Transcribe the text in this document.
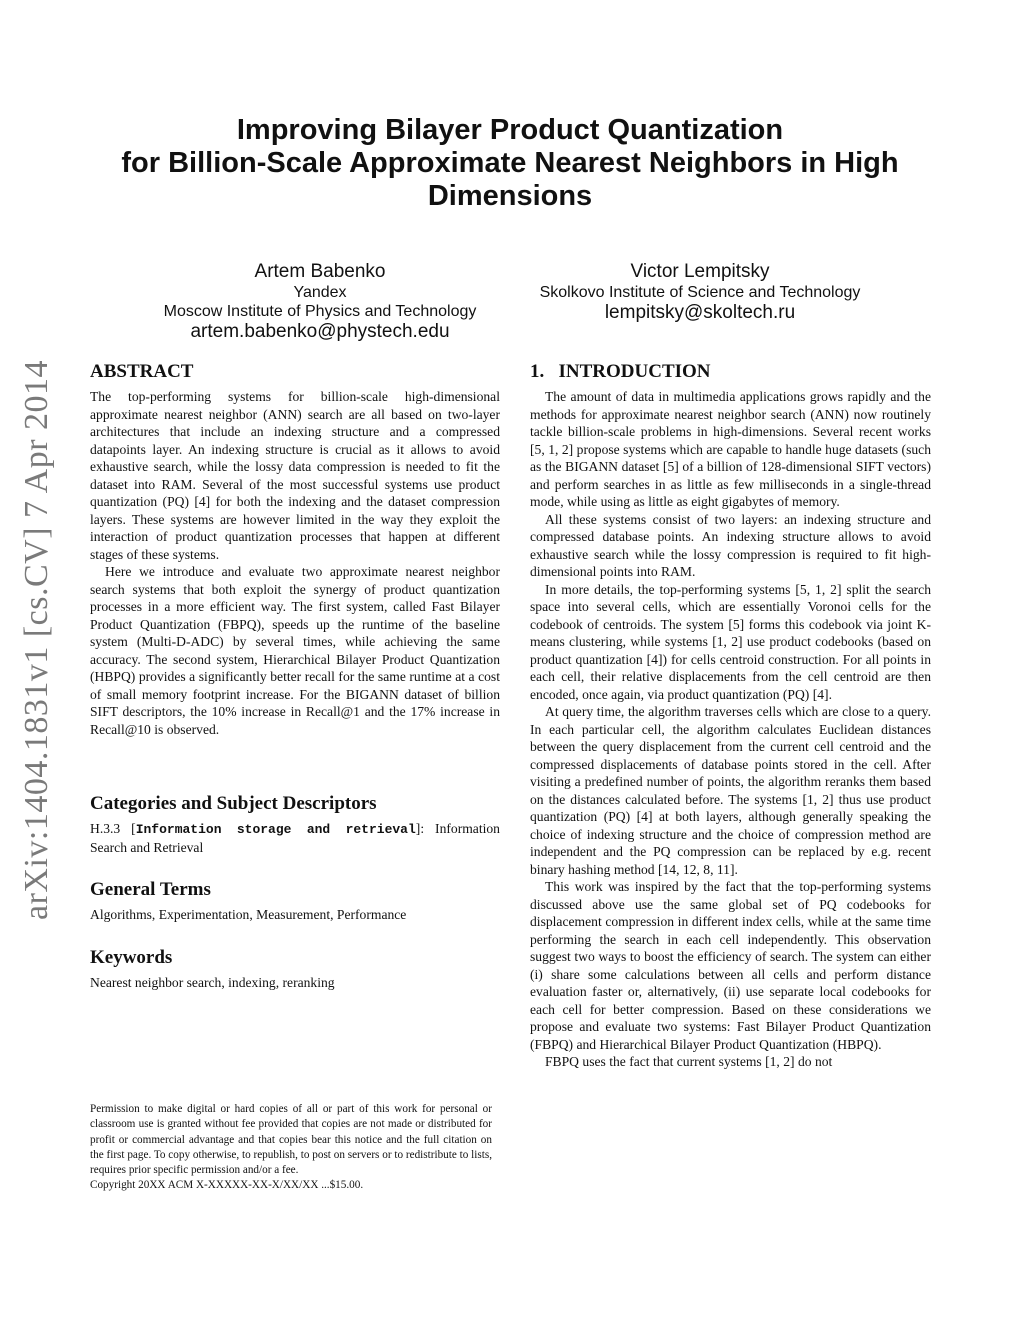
arXiv:1404.1831v1 [cs.CV] 7 Apr 2014
Improving Bilayer Product Quantization
for Billion-Scale Approximate Nearest Neighbors in High
Dimensions
Artem Babenko
Yandex
Moscow Institute of Physics and Technology
artem.babenko@phystech.edu
Victor Lempitsky
Skolkovo Institute of Science and Technology
lempitsky@skoltech.ru
ABSTRACT

The top-performing systems for billion-scale high-dimensional approximate nearest neighbor (ANN) search are all based on two-layer architectures that include an indexing structure and a compressed datapoints layer. An indexing structure is crucial as it allows to avoid exhaustive search, while the lossy data compression is needed to fit the dataset into RAM. Several of the most successful systems use product quantization (PQ) [4] for both the indexing and the dataset compression layers. These systems are however limited in the way they exploit the interaction of product quantization processes that happen at different stages of these systems.

Here we introduce and evaluate two approximate nearest neighbor search systems that both exploit the synergy of product quantization processes in a more efficient way. The first system, called Fast Bilayer Product Quantization (FBPQ), speeds up the runtime of the baseline system (Multi-D-ADC) by several times, while achieving the same accuracy. The second system, Hierarchical Bilayer Product Quantization (HBPQ) provides a significantly better recall for the same runtime at a cost of small memory footprint increase. For the BIGANN dataset of billion SIFT descriptors, the 10% increase in Recall@1 and the 17% increase in Recall@10 is observed.

Categories and Subject Descriptors

H.3.3 [Information storage and retrieval]: Information Search and Retrieval

General Terms

Algorithms, Experimentation, Measurement, Performance

Keywords

Nearest neighbor search, indexing, reranking

Permission to make digital or hard copies of all or part of this work for personal or classroom use is granted without fee provided that copies are not made or distributed for profit or commercial advantage and that copies bear this notice and the full citation on the first page. To copy otherwise, to republish, to post on servers or to redistribute to lists, requires prior specific permission and/or a fee.
Copyright 20XX ACM X-XXXXX-XX-X/XX/XX ...$15.00.
1.   INTRODUCTION

The amount of data in multimedia applications grows rapidly and the methods for approximate nearest neighbor search (ANN) now routinely tackle billion-scale problems in high-dimensions. Several recent works [5, 1, 2] propose systems which are capable to handle huge datasets (such as the BIGANN dataset [5] of a billion of 128-dimensional SIFT vectors) and perform searches in as little as few milliseconds in a single-thread mode, while using as little as eight gigabytes of memory.

All these systems consist of two layers: an indexing structure and compressed database points. An indexing structure allows to avoid exhaustive search while the lossy compression is required to fit high-dimensional points into RAM.

In more details, the top-performing systems [5, 1, 2] split the search space into several cells, which are essentially Voronoi cells for the codebook of centroids. The system [5] forms this codebook via joint K-means clustering, while systems [1, 2] use product codebooks (based on product quantization [4]) for cells centroid construction. For all points in each cell, their relative displacements from the cell centroid are then encoded, once again, via product quantization (PQ) [4].

At query time, the algorithm traverses cells which are close to a query. In each particular cell, the algorithm calculates Euclidean distances between the query displacement from the current cell centroid and the compressed displacements of database points stored in the cell. After visiting a predefined number of points, the algorithm reranks them based on the distances calculated before. The systems [1, 2] thus use product quantization (PQ) [4] at both layers, although generally speaking the choice of indexing structure and the choice of compression method are independent and the PQ compression can be replaced by e.g. recent binary hashing method [14, 12, 8, 11].

This work was inspired by the fact that the top-performing systems discussed above use the same global set of PQ codebooks for displacement compression in different index cells, while at the same time performing the search in each cell independently. This observation suggest two ways to boost the efficiency of search. The system can either (i) share some calculations between all cells and perform distance evaluation faster or, alternatively, (ii) use separate local codebooks for each cell for better compression. Based on these considerations we propose and evaluate two systems: Fast Bilayer Product Quantization (FBPQ) and Hierarchical Bilayer Product Quantization (HBPQ).

FBPQ uses the fact that current systems [1, 2] do not
